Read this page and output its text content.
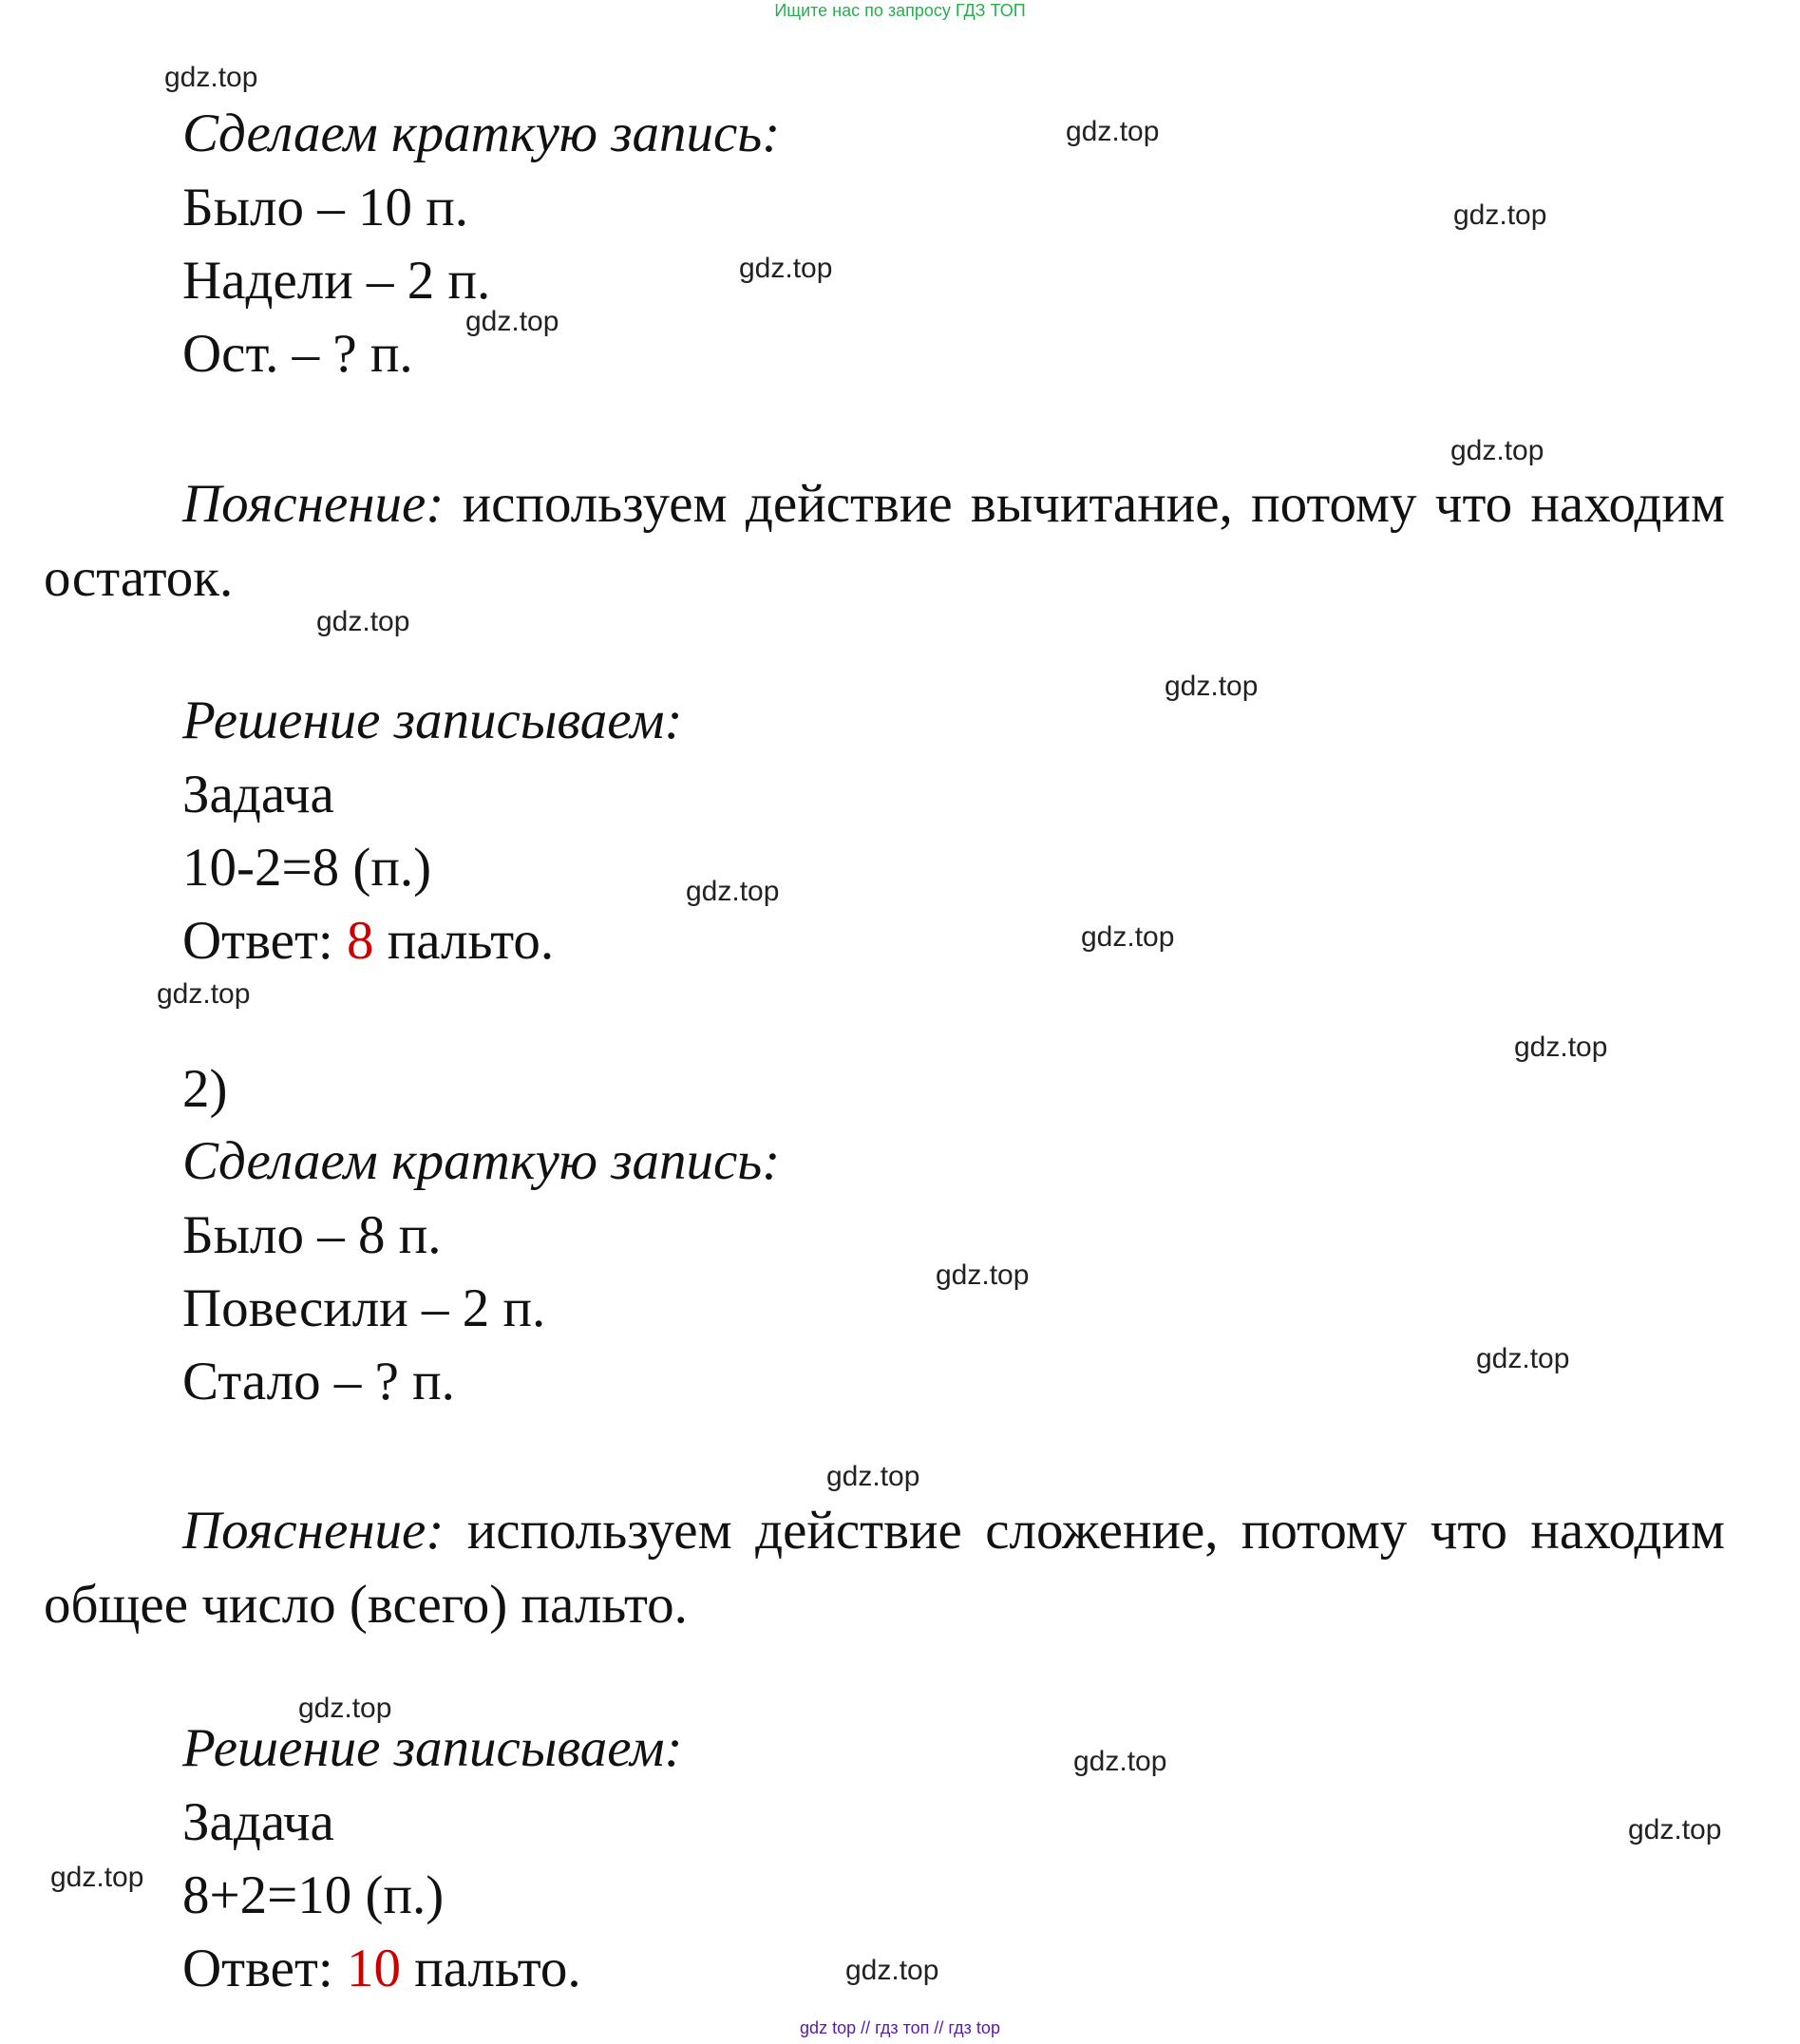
Ищите нас по запросу ГДЗ ТОП
Сделаем краткую запись:
Было – 10 п.
Надели – 2 п.
Ост. – ? п.
Пояснение: используем действие вычитание, потому что находим остаток.
Решение записываем:
Задача
10-2=8 (п.)
Ответ: 8 пальто.
2)
Сделаем краткую запись:
Было – 8 п.
Повесили – 2 п.
Стало – ? п.
Пояснение: используем действие сложение, потому что находим общее число (всего) пальто.
Решение записываем:
Задача
8+2=10 (п.)
Ответ: 10 пальто.
gdz.top
gdz.top
gdz.top
gdz.top
gdz.top
gdz.top
gdz.top
gdz.top
gdz.top
gdz.top
gdz.top
gdz.top
gdz.top
gdz.top
gdz.top
gdz.top
gdz.top
gdz.top
gdz.top
gdz.top
gdz top // гдз топ // гдз top
